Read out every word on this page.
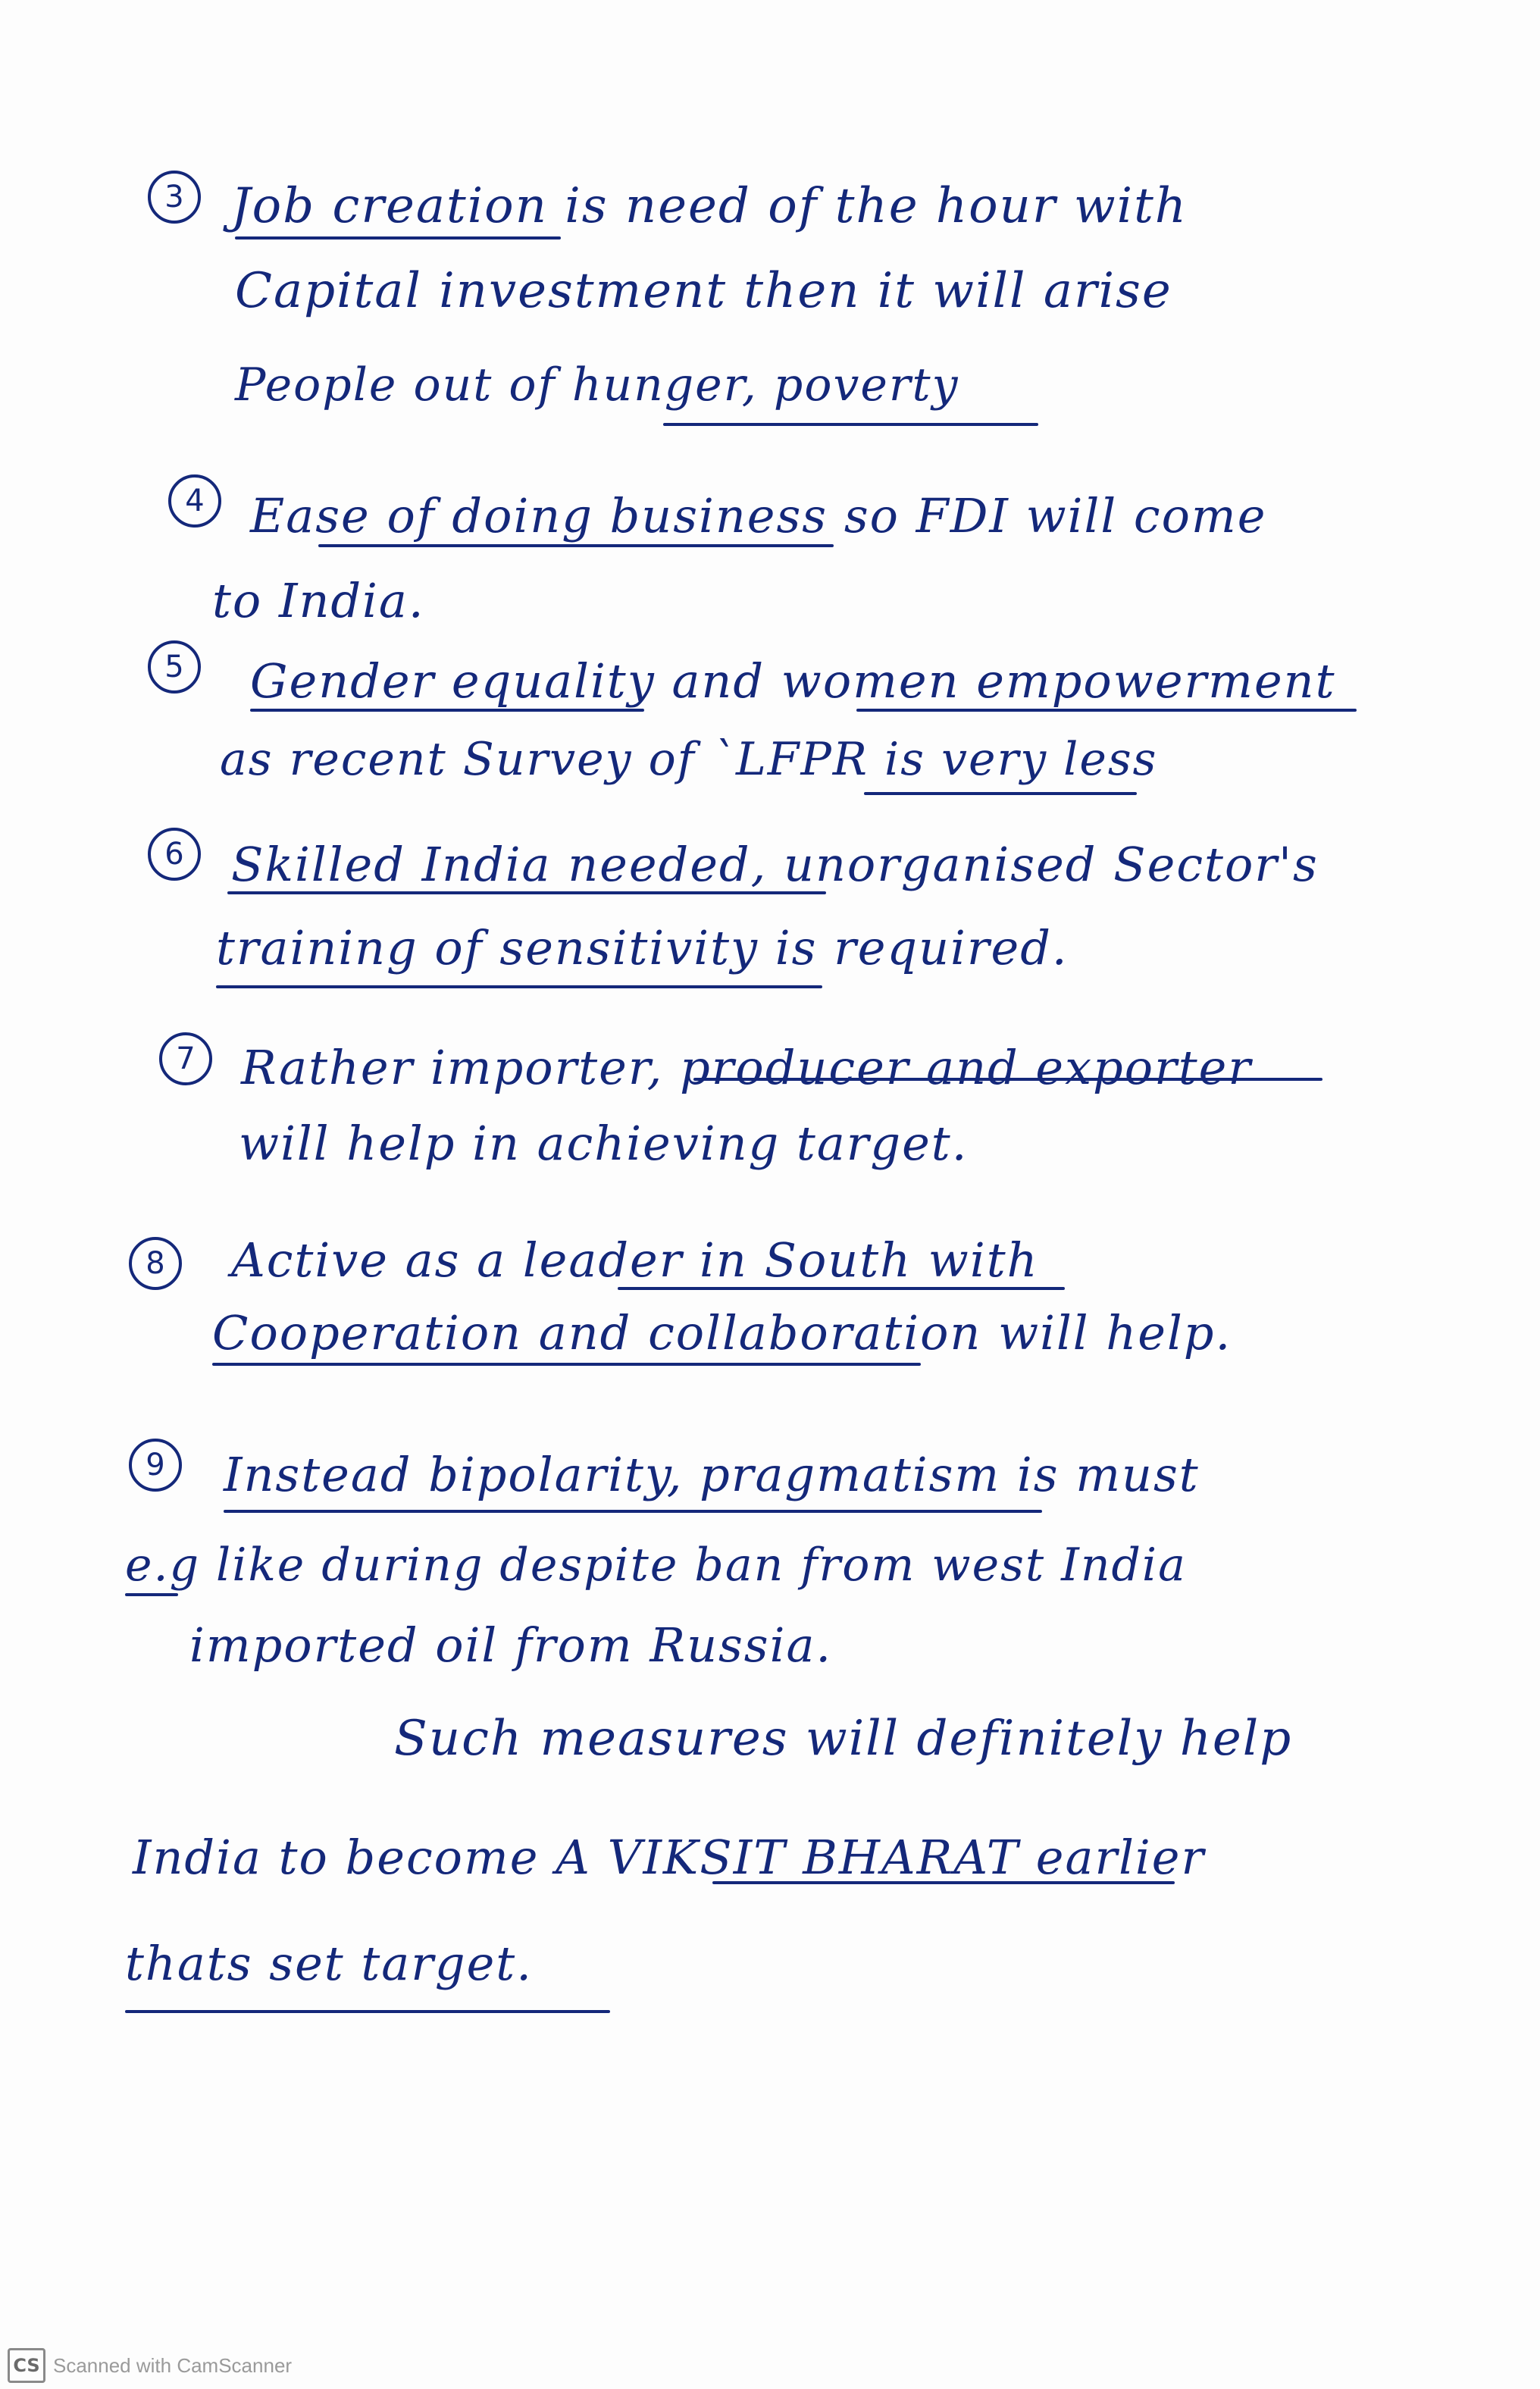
3 Job creation is need of the hour with
Capital investment then it will arise
People out of hunger, poverty
4 Ease of doing business so FDI will come
to India.
5	Gender equality and women empowerment
as recent Survey of `LFPR is very less
6	Skilled India needed, unorganised Sector's
training of sensitivity is required.
7 Rather importer, producer and exporter
will help in achieving target.
8	Active as a leader in South with
Cooperation and collaboration will help.
9	Instead bipolarity, pragmatism is must
e.g like during despite ban from west India
imported oil from Russia.
Such measures will definitely help
India to become A VIKSIT BHARAT earlier
thats set target.
CS Scanned with CamScanner
